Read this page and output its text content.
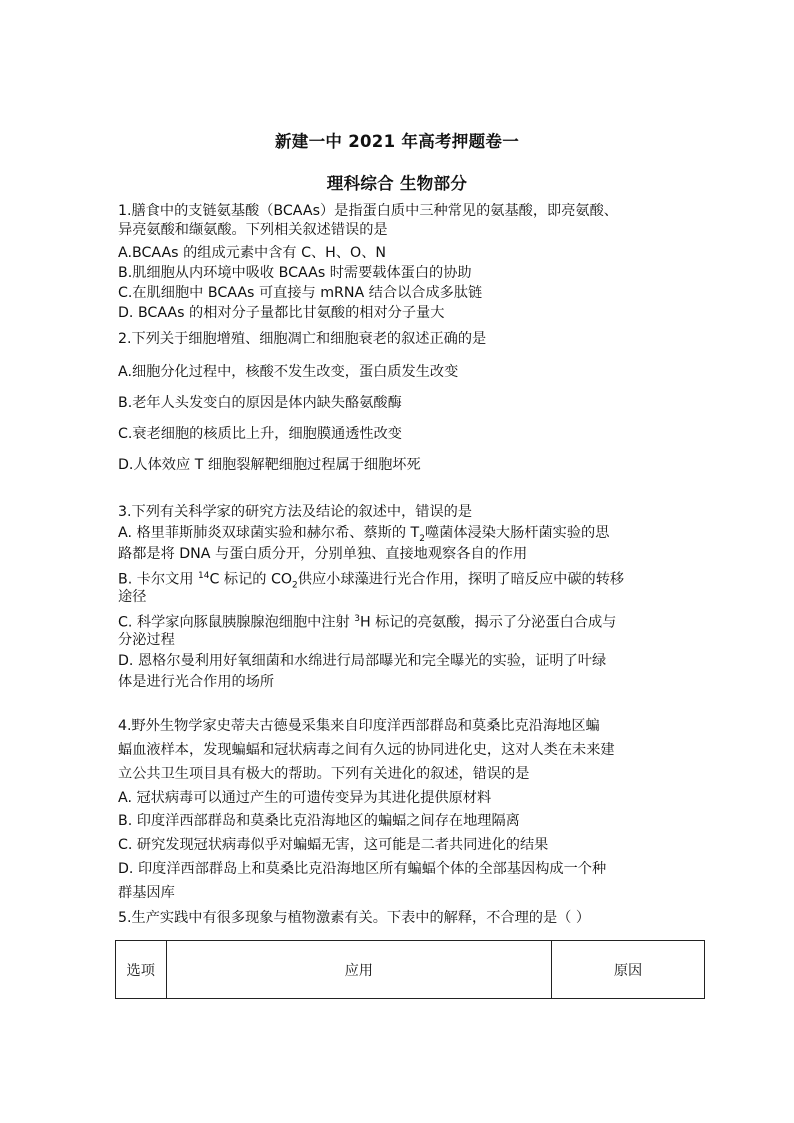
新建一中 2021 年高考押题卷一
理科综合 生物部分
1.膳食中的支链氨基酸（BCAAs）是指蛋白质中三种常见的氨基酸，即亮氨酸、
异亮氨酸和缬氨酸。下列相关叙述错误的是
A.BCAAs 的组成元素中含有 C、H、O、N
B.肌细胞从内环境中吸收 BCAAs 时需要载体蛋白的协助
C.在肌细胞中 BCAAs 可直接与 mRNA 结合以合成多肽链
D. BCAAs 的相对分子量都比甘氨酸的相对分子量大
2.下列关于细胞增殖、细胞凋亡和细胞衰老的叙述正确的是
A.细胞分化过程中，核酸不发生改变，蛋白质发生改变
B.老年人头发变白的原因是体内缺失酪氨酸酶
C.衰老细胞的核质比上升，细胞膜通透性改变
D.人体效应 T 细胞裂解靶细胞过程属于细胞坏死
3.下列有关科学家的研究方法及结论的叙述中，错误的是
A. 格里菲斯肺炎双球菌实验和赫尔希、蔡斯的 $T_2$噬菌体浸染大肠杆菌实验的思
路都是将 DNA 与蛋白质分开，分别单独、直接地观察各自的作用
B. 卡尔文用 $^{14}$C 标记的 $CO_2$供应小球藻进行光合作用，探明了暗反应中碳的转移
途径
C. 科学家向豚鼠胰腺腺泡细胞中注射 $^3$H 标记的亮氨酸，揭示了分泌蛋白合成与
分泌过程
D. 恩格尔曼利用好氧细菌和水绵进行局部曝光和完全曝光的实验，证明了叶绿
体是进行光合作用的场所
4.野外生物学家史蒂夫古德曼采集来自印度洋西部群岛和莫桑比克沿海地区蝙
蝠血液样本，发现蝙蝠和冠状病毒之间有久远的协同进化史，这对人类在未来建
立公共卫生项目具有极大的帮助。下列有关进化的叙述，错误的是
A. 冠状病毒可以通过产生的可遗传变异为其进化提供原材料
B. 印度洋西部群岛和莫桑比克沿海地区的蝙蝠之间存在地理隔离
C. 研究发现冠状病毒似乎对蝙蝠无害，这可能是二者共同进化的结果
D. 印度洋西部群岛上和莫桑比克沿海地区所有蝙蝠个体的全部基因构成一个种
群基因库
5.生产实践中有很多现象与植物激素有关。下表中的解释，不合理的是（ ）
选项	应用	原因
